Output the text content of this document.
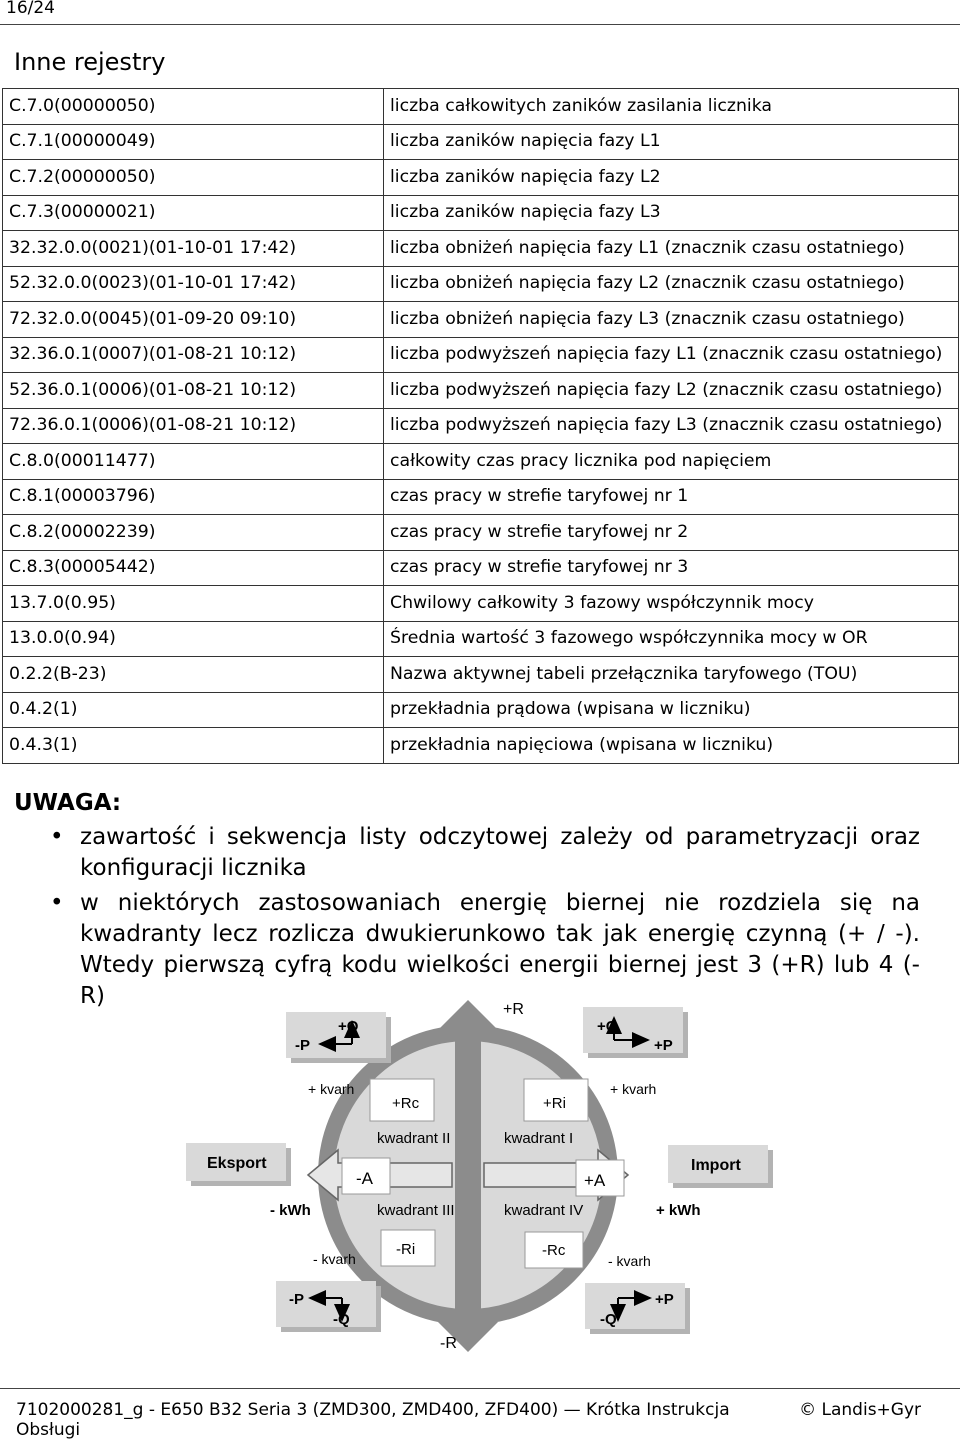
16/24
Inne rejestry
C.7.0(00000050)	liczba całkowitych zaników zasilania licznika
C.7.1(00000049)	liczba zaników napięcia fazy L1
C.7.2(00000050)	liczba zaników napięcia fazy L2
C.7.3(00000021)	liczba zaników napięcia fazy L3
32.32.0.0(0021)(01-10-01 17:42)	liczba obniżeń napięcia fazy L1 (znacznik czasu ostatniego)
52.32.0.0(0023)(01-10-01 17:42)	liczba obniżeń napięcia fazy L2 (znacznik czasu ostatniego)
72.32.0.0(0045)(01-09-20 09:10)	liczba obniżeń napięcia fazy L3 (znacznik czasu ostatniego)
32.36.0.1(0007)(01-08-21 10:12)	liczba podwyższeń napięcia fazy L1 (znacznik czasu ostatniego)
52.36.0.1(0006)(01-08-21 10:12)	liczba podwyższeń napięcia fazy L2 (znacznik czasu ostatniego)
72.36.0.1(0006)(01-08-21 10:12)	liczba podwyższeń napięcia fazy L3 (znacznik czasu ostatniego)
C.8.0(00011477)	całkowity czas pracy licznika pod napięciem
C.8.1(00003796)	czas pracy w strefie taryfowej nr 1
C.8.2(00002239)	czas pracy w strefie taryfowej nr 2
C.8.3(00005442)	czas pracy w strefie taryfowej nr 3
13.7.0(0.95)	Chwilowy całkowity 3 fazowy współczynnik mocy
13.0.0(0.94)	Średnia wartość 3 fazowego współczynnika mocy w OR
0.2.2(B-23)	Nazwa aktywnej tabeli przełącznika taryfowego (TOU)
0.4.2(1)	przekładnia prądowa (wpisana w liczniku)
0.4.3(1)	przekładnia napięciowa (wpisana w liczniku)
UWAGA:
• zawartość i sekwencja listy odczytowej zależy od parametryzacji oraz konfiguracji licznika
• w niektórych zastosowaniach energię biernej nie rozdziela się na kwadranty lecz rozlicza dwukierunkowo tak jak energię czynną (+ / -). Wtedy pierwszą cyfrą kodu wielkości energii biernej jest 3 (+R) lub 4 (-R)
+R
-R
Eksport	Import
- kWh	+ kWh
-A	+A
kwadrant II	kwadrant I
kwadrant III	kwadrant IV
+Rc	+Ri
-Ri	-Rc
+ kvarh	+ kvarh
- kvarh	- kvarh
+Q
-P
+Q
+P
-P
-Q
+P
-Q
7102000281_g - E650 B32 Seria 3 (ZMD300, ZMD400, ZFD400) — Krótka Instrukcja Obsługi
© Landis+Gyr
